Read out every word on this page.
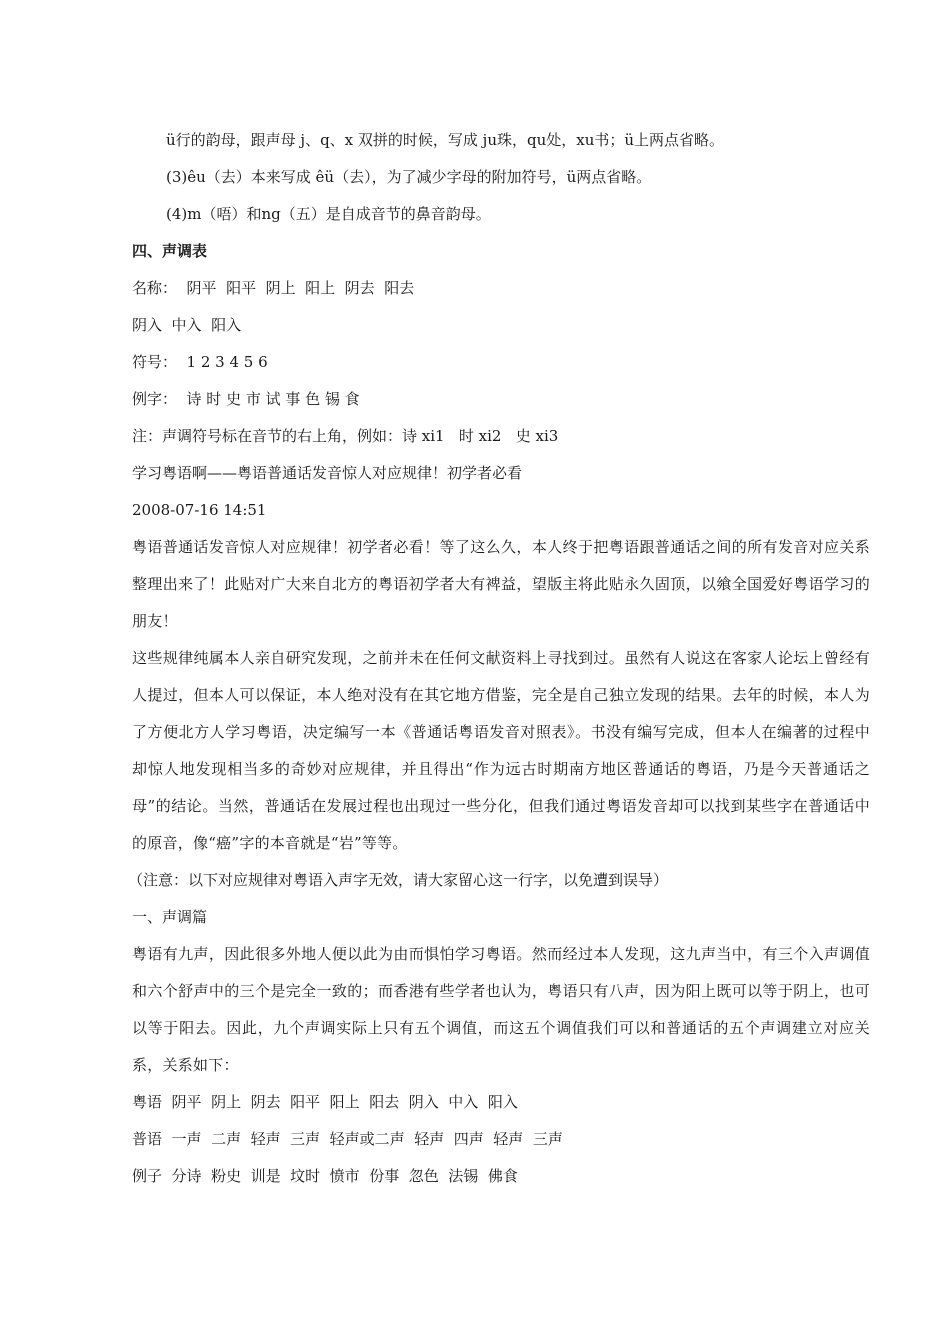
ü行的韵母，跟声母 j、q、x 双拼的时候，写成 ju珠，qu处，xu书；ü上两点省略。

(3)êu（去）本来写成 êü（去），为了减少字母的附加符号，ü两点省略。

(4)m（唔）和ng（五）是自成音节的鼻音韵母。

四、声调表

名称：  阴平  阳平  阴上  阳上  阴去  阳去

阴入  中入  阳入

符号：  1 2 3 4 5 6

例字：  诗 时 史 市 试 事 色 锡 食

注：声调符号标在音节的右上角，例如：诗 xi1   时 xi2   史 xi3

学习粤语啊——粤语普通话发音惊人对应规律！初学者必看

2008-07-16 14:51

粤语普通话发音惊人对应规律！初学者必看！等了这么久，本人终于把粤语跟普通话之间的所有发音对应关系整理出来了！此贴对广大来自北方的粤语初学者大有裨益，望版主将此贴永久固顶，以飨全国爱好粤语学习的朋友！

这些规律纯属本人亲自研究发现，之前并未在任何文献资料上寻找到过。虽然有人说这在客家人论坛上曾经有人提过，但本人可以保证，本人绝对没有在其它地方借鉴，完全是自己独立发现的结果。去年的时候，本人为了方便北方人学习粤语，决定编写一本《普通话粤语发音对照表》。书没有编写完成，但本人在编著的过程中却惊人地发现相当多的奇妙对应规律，并且得出“作为远古时期南方地区普通话的粤语，乃是今天普通话之母”的结论。当然，普通话在发展过程也出现过一些分化，但我们通过粤语发音却可以找到某些字在普通话中的原音，像“癌”字的本音就是“岩”等等。

（注意：以下对应规律对粤语入声字无效，请大家留心这一行字，以免遭到误导）

一、声调篇

粤语有九声，因此很多外地人便以此为由而惧怕学习粤语。然而经过本人发现，这九声当中，有三个入声调值和六个舒声中的三个是完全一致的；而香港有些学者也认为，粤语只有八声，因为阳上既可以等于阴上，也可以等于阳去。因此，九个声调实际上只有五个调值，而这五个调值我们可以和普通话的五个声调建立对应关系，关系如下：

粤语  阴平  阴上  阴去  阳平  阳上  阳去  阴入  中入  阳入

普语  一声  二声  轻声  三声  轻声或二声  轻声  四声  轻声  三声

例子  分诗  粉史  训是  坟时  愤市  份事  忽色  法锡  佛食
